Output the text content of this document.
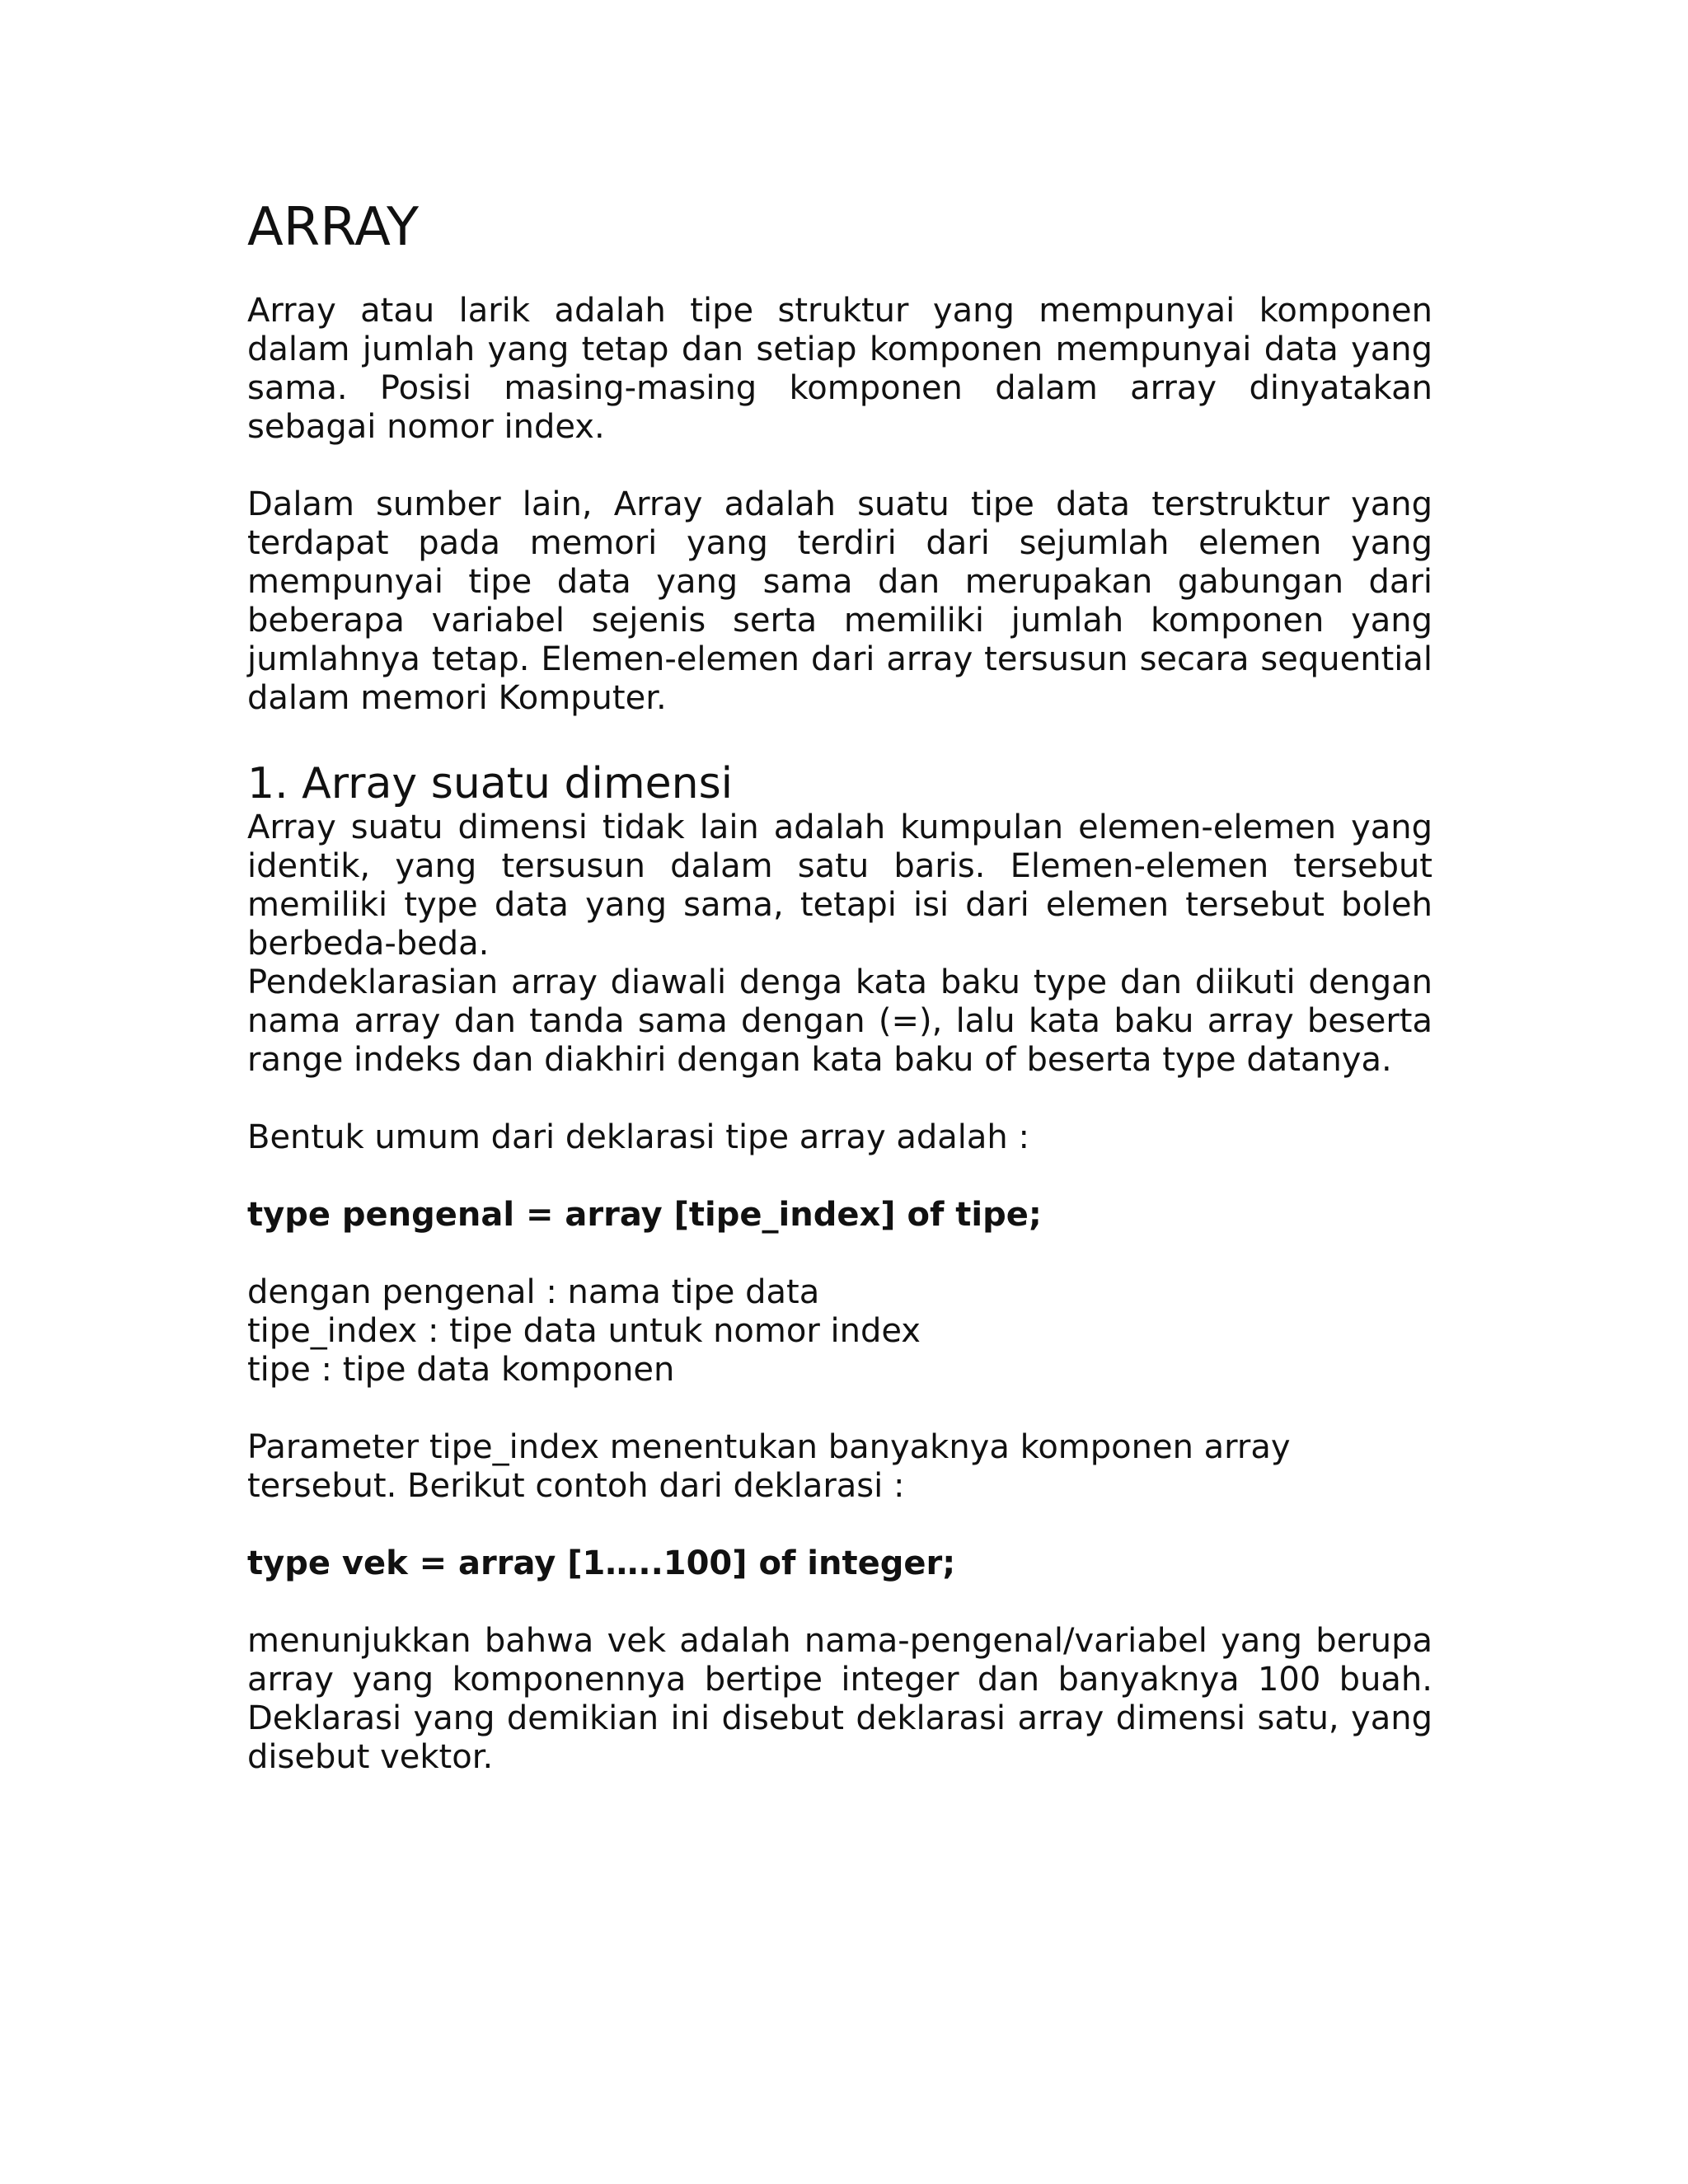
ARRAY

Array atau larik adalah tipe struktur yang mempunyai komponen dalam jumlah yang tetap dan setiap komponen mempunyai data yang sama. Posisi masing-masing komponen dalam array dinyatakan sebagai nomor index.

Dalam sumber lain, Array adalah suatu tipe data terstruktur yang terdapat pada memori yang terdiri dari sejumlah elemen yang mempunyai tipe data yang sama dan merupakan gabungan dari beberapa variabel sejenis serta memiliki jumlah komponen yang jumlahnya tetap. Elemen-elemen dari array tersusun secara sequential dalam memori Komputer.

1. Array suatu dimensi

Array suatu dimensi tidak lain adalah kumpulan elemen-elemen yang identik, yang tersusun dalam satu baris. Elemen-elemen tersebut memiliki type data yang sama, tetapi isi dari elemen tersebut boleh berbeda-beda.

Pendeklarasian array diawali denga kata baku type dan diikuti dengan nama array dan tanda sama dengan (=), lalu kata baku array beserta range indeks dan diakhiri dengan kata baku of beserta type datanya.

Bentuk umum dari deklarasi tipe array adalah :

type pengenal = array [tipe_index] of tipe;

dengan pengenal : nama tipe data

tipe_index : tipe data untuk nomor index

tipe : tipe data komponen

Parameter tipe_index menentukan banyaknya komponen array

tersebut. Berikut contoh dari deklarasi :

type vek = array [1…..100] of integer;

menunjukkan bahwa vek adalah nama-pengenal/variabel yang berupa array yang komponennya bertipe integer dan banyaknya 100 buah. Deklarasi yang demikian ini disebut deklarasi array dimensi satu, yang disebut vektor.
